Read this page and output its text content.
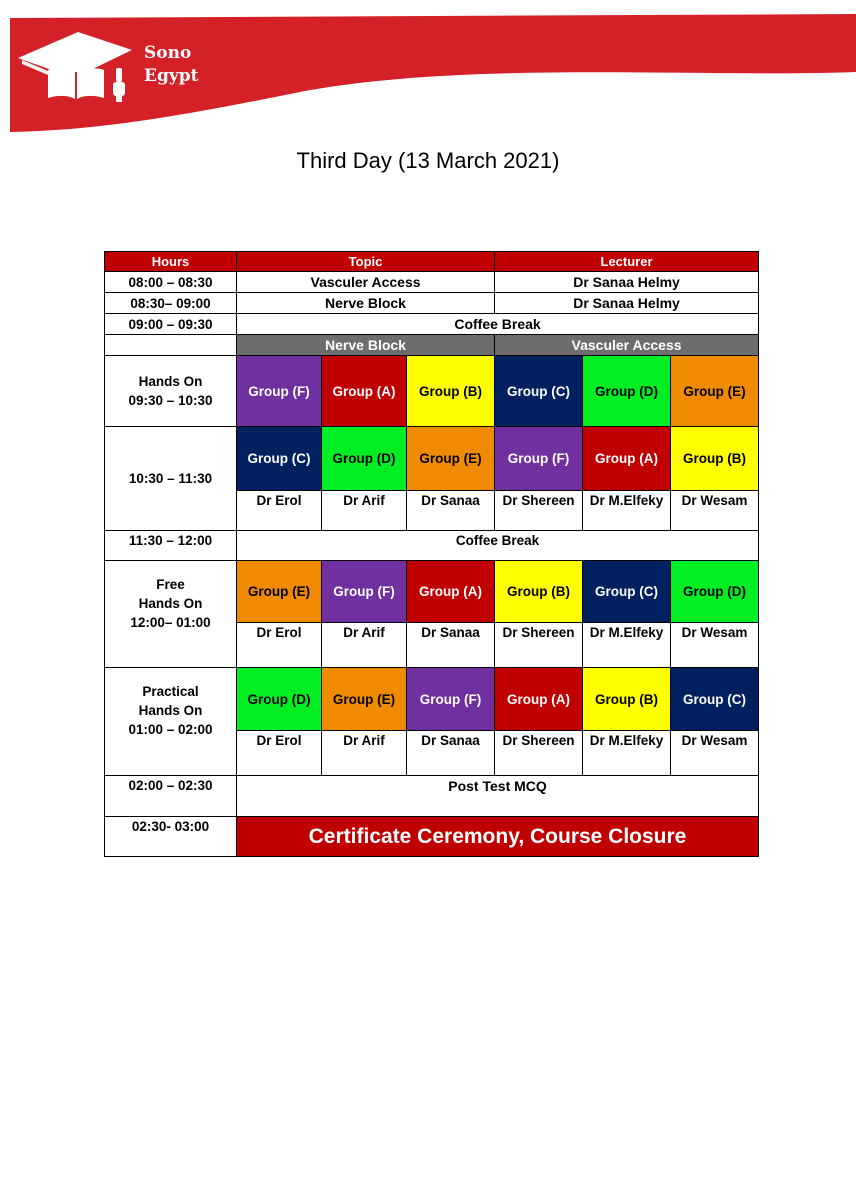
Sono
Egypt
Third Day (13 March 2021)
Hours	Topic			Lecturer		
08:00 – 08:30	Vasculer Access			Dr Sanaa Helmy		
08:30– 09:00	Nerve Block			Dr Sanaa Helmy		
09:00 – 09:30	Coffee Break					
	Nerve Block			Vasculer Access		

Hands On
09:30 – 10:30	Group (F)	Group (A)	Group (B)	Group (C)	Group (D)	Group (E)
10:30 – 11:30	Group (C)	Group (D)	Group (E)	Group (F)	Group (A)	Group (B)
	Dr Erol	Dr Arif	Dr Sanaa	Dr Shereen	Dr M.Elfeky	Dr Wesam
11:30 – 12:00	Coffee Break					

Free
Hands On
12:00– 01:00	Group (E)	Group (F)	Group (A)	Group (B)	Group (C)	Group (D)
	Dr Erol	Dr Arif	Dr Sanaa	Dr Shereen	Dr M.Elfeky	Dr Wesam

Practical
Hands On
01:00 – 02:00	Group (D)	Group (E)	Group (F)	Group (A)	Group (B)	Group (C)
	Dr Erol	Dr Arif	Dr Sanaa	Dr Shereen	Dr M.Elfeky	Dr Wesam
02:00 – 02:30	Post Test MCQ					
02:30- 03:00	Certificate Ceremony, Course Closure					
